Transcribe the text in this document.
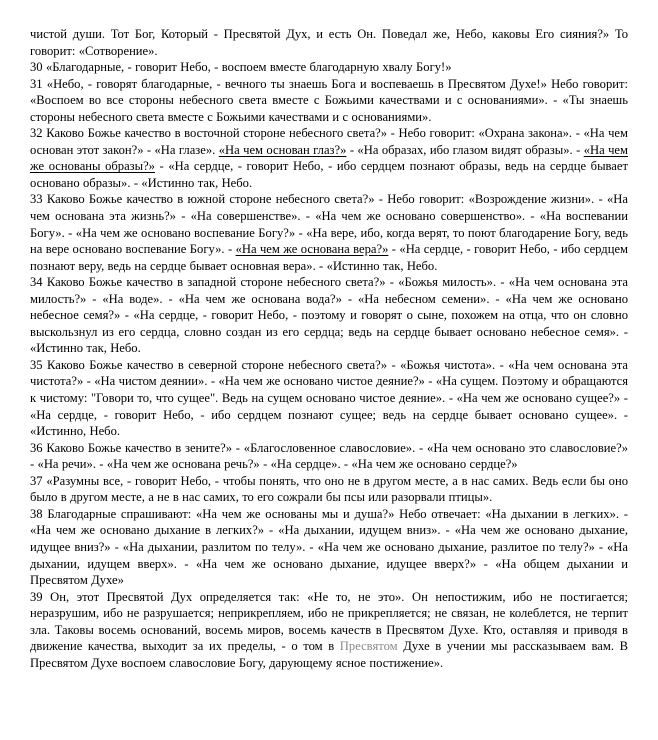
чистой души. Тот Бог, Который - Пресвятой Дух, и есть Он. Поведал же, Небо, каковы Его сияния?» То говорит: «Сотворение».
30 «Благодарные, - говорит Небо, - воспоем вместе благодарную хвалу Богу!»
31 «Небо, - говорят благодарные, - вечного ты знаешь Бога и воспеваешь в Пресвятом Духе!» Небо говорит: «Воспоем во все стороны небесного света вместе с Божьими качествами и с основаниями». - «Ты знаешь стороны небесного света вместе с Божьими качествами и с основаниями».
32 Каково Божье качество в восточной стороне небесного света?» - Небо говорит: «Охрана закона». - «На чем основан этот закон?» - «На глазе». «На чем основан глаз?» - «На образах, ибо глазом видят образы». - «На чем же основаны образы?» - «На сердце, - говорит Небо, - ибо сердцем познают образы, ведь на сердце бывает основано образы». - «Истинно так, Небо.
33 Каково Божье качество в южной стороне небесного света?» - Небо говорит: «Возрождение жизни». - «На чем основана эта жизнь?» - «На совершенстве». - «На чем же основано совершенство». - «На воспевании Богу». - «На чем же основано воспевание Богу?» - «На вере, ибо, когда верят, то поют благодарение Богу, ведь на вере основано воспевание Богу». - «На чем же основана вера?» - «На сердце, - говорит Небо, - ибо сердцем познают веру, ведь на сердце бывает основная вера». - «Истинно так, Небо.
34 Каково Божье качество в западной стороне небесного света?» - «Божья милость». - «На чем основана эта милость?» - «На воде». - «На чем же основана вода?» - «На небесном семени». - «На чем же основано небесное семя?» - «На сердце, - говорит Небо, - поэтому и говорят о сыне, похожем на отца, что он словно выскользнул из его сердца, словно создан из его сердца; ведь на сердце бывает основано небесное семя». - «Истинно так, Небо.
35 Каково Божье качество в северной стороне небесного света?» - «Божья чистота». - «На чем основана эта чистота?» - «На чистом деянии». - «На чем же основано чистое деяние?» - «На сущем. Поэтому и обращаются к чистому: "Говори то, что сущее". Ведь на сущем основано чистое деяние». - «На чем же основано сущее?» - «На сердце, - говорит Небо, - ибо сердцем познают сущее; ведь на сердце бывает основано сущее». - «Истинно, Небо.
36 Каково Божье качество в зените?» - «Благословенное славословие». - «На чем основано это славословие?» - «На речи». - «На чем же основана речь?» - «На сердце». - «На чем же основано сердце?»
37 «Разумны все, - говорит Небо, - чтобы понять, что оно не в другом месте, а в нас самих. Ведь если бы оно было в другом месте, а не в нас самих, то его сожрали бы псы или разорвали птицы».
38 Благодарные спрашивают: «На чем же основаны мы и душа?» Небо отвечает: «На дыхании в легких». - «На чем же основано дыхание в легких?» - «На дыхании, идущем вниз». - «На чем же основано дыхание, идущее вниз?» - «На дыхании, разлитом по телу». - «На чем же основано дыхание, разлитое по телу?» - «На дыхании, идущем вверх». - «На чем же основано дыхание, идущее вверх?» - «На общем дыхании и Пресвятом Духе»
39 Он, этот Пресвятой Дух определяется так: «Не то, не это». Он непостижим, ибо не постигается; неразрушим, ибо не разрушается; неприкрепляем, ибо не прикрепляется; не связан, не колеблется, не терпит зла. Таковы восемь оснований, восемь миров, восемь качеств в Пресвятом Духе. Кто, оставляя и приводя в движение качества, выходит за их пределы, - о том в Пресвятом Духе в учении мы рассказываем вам. В Пресвятом Духе воспоем славословие Богу, дарующему ясное постижение».
